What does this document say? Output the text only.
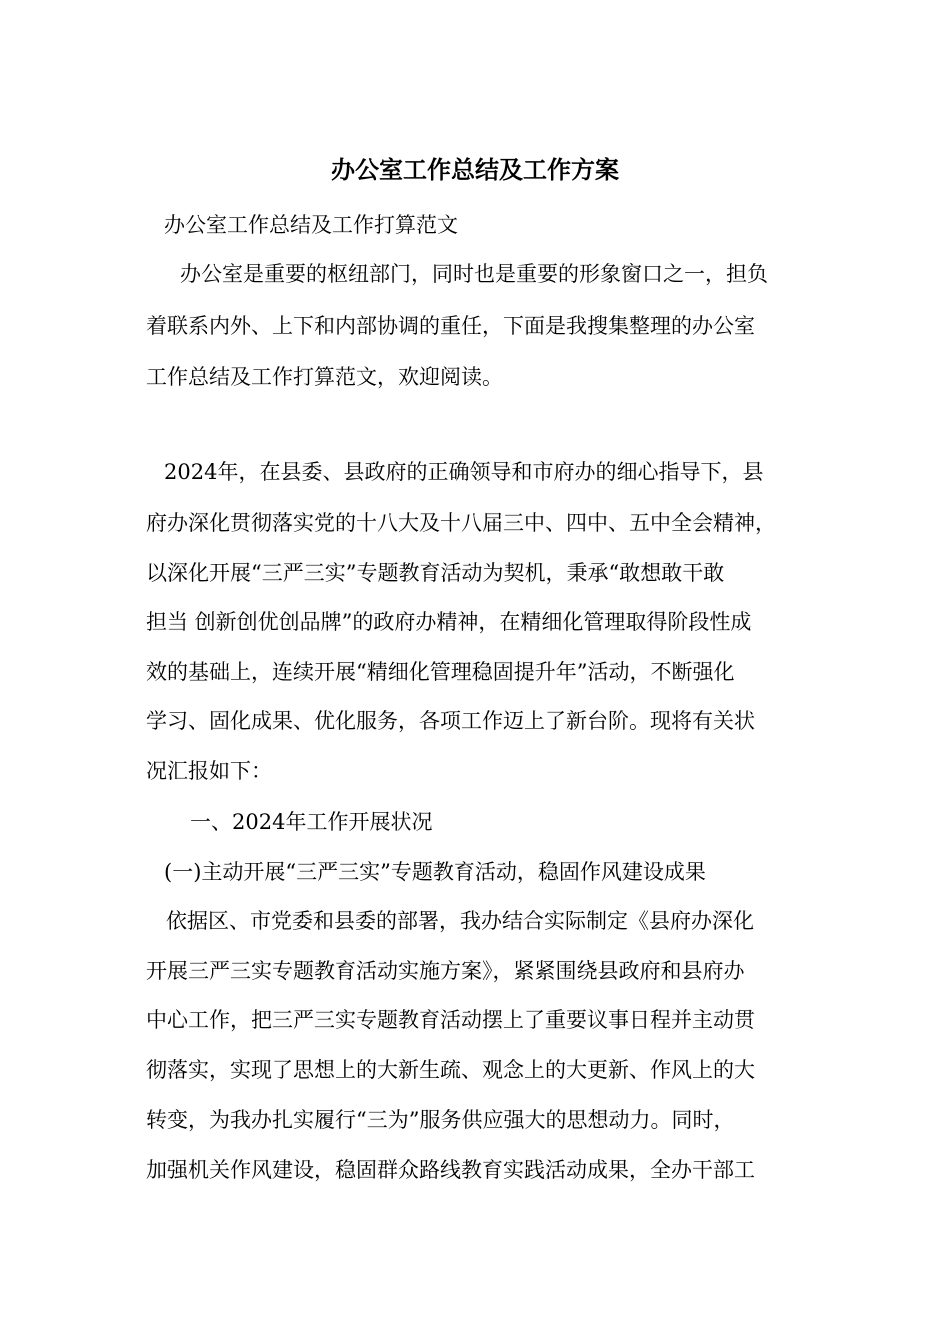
办公室工作总结及工作方案

办公室工作总结及工作打算范文

办公室是重要的枢纽部门，同时也是重要的形象窗口之一，担负

着联系内外、上下和内部协调的重任，下面是我搜集整理的办公室

工作总结及工作打算范文，欢迎阅读。

2024年，在县委、县政府的正确领导和市府办的细心指导下，县

府办深化贯彻落实党的十八大及十八届三中、四中、五中全会精神，

以深化开展“三严三实”专题教育活动为契机，秉承“敢想敢干敢

担当 创新创优创品牌”的政府办精神，在精细化管理取得阶段性成

效的基础上，连续开展“精细化管理稳固提升年”活动，不断强化

学习、固化成果、优化服务，各项工作迈上了新台阶。现将有关状

况汇报如下：

一、2024年工作开展状况

(一)主动开展“三严三实”专题教育活动，稳固作风建设成果

依据区、市党委和县委的部署，我办结合实际制定《县府办深化

开展三严三实专题教育活动实施方案》，紧紧围绕县政府和县府办

中心工作，把三严三实专题教育活动摆上了重要议事日程并主动贯

彻落实，实现了思想上的大新生疏、观念上的大更新、作风上的大

转变，为我办扎实履行“三为”服务供应强大的思想动力。同时，

加强机关作风建设，稳固群众路线教育实践活动成果，全办干部工
